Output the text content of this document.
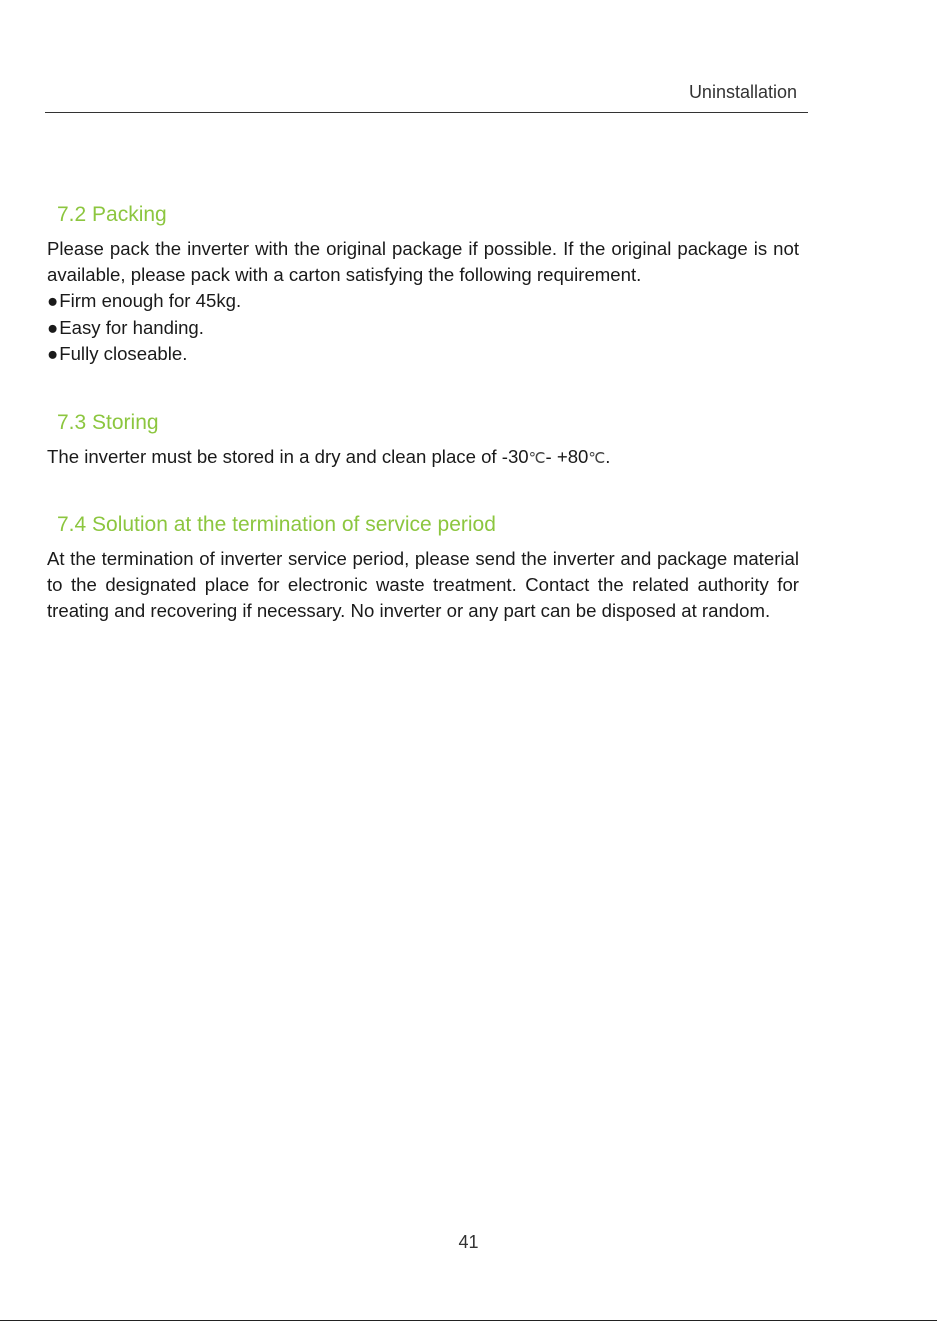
Uninstallation
7.2 Packing

Please pack the inverter with the original package if possible. If the original package is not available, please pack with a carton satisfying the following requirement.

●Firm enough for 45kg.
●Easy for handing.
●Fully closeable.
7.3 Storing

The inverter must be stored in a dry and clean place of -30℃- +80℃.

7.4 Solution at the termination of service period

At the termination of inverter service period, please send the inverter and package material to the designated place for electronic waste treatment. Contact the related authority for treating and recovering if necessary. No inverter or any part can be disposed at random.

41
